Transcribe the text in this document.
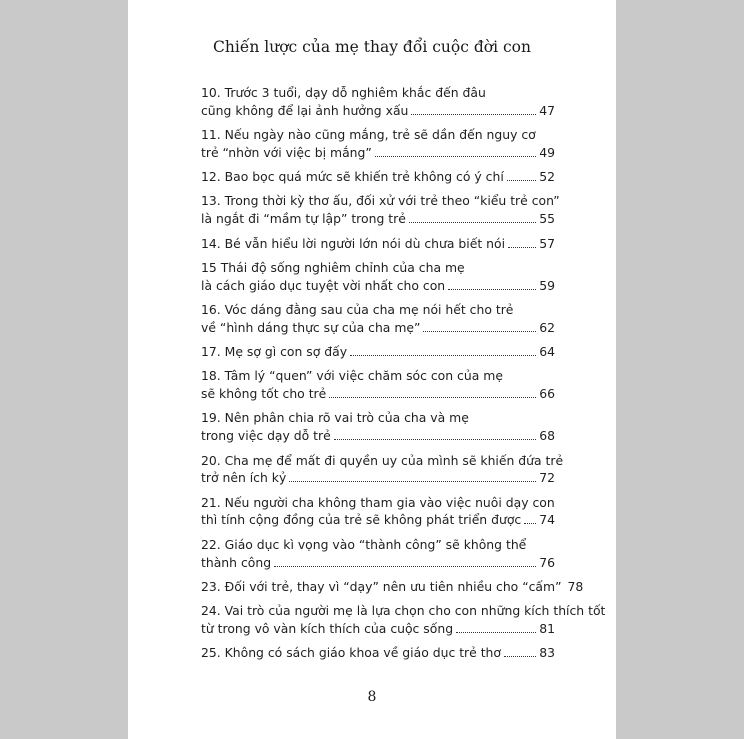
Chiến lược của mẹ thay đổi cuộc đời con
10. Trước 3 tuổi, dạy dỗ nghiêm khắc đến đâu
cũng không để lại ảnh hưởng xấu	47
11. Nếu ngày nào cũng mắng, trẻ sẽ dần đến nguy cơ
trẻ “nhờn với việc bị mắng”	49
12. Bao bọc quá mức sẽ khiến trẻ không có ý chí	52
13. Trong thời kỳ thơ ấu, đối xử với trẻ theo “kiểu trẻ con”
là ngắt đi “mầm tự lập” trong trẻ	55
14. Bé vẫn hiểu lời người lớn nói dù chưa biết nói	57
15 Thái độ sống nghiêm chỉnh của cha mẹ
là cách giáo dục tuyệt vời nhất cho con	59
16. Vóc dáng đằng sau của cha mẹ nói hết cho trẻ
về “hình dáng thực sự của cha mẹ”	62
17. Mẹ sợ gì con sợ đấy	64
18. Tâm lý “quen” với việc chăm sóc con của mẹ
sẽ không tốt cho trẻ	66
19. Nên phân chia rõ vai trò của cha và mẹ
trong việc dạy dỗ trẻ	68
20. Cha mẹ để mất đi quyền uy của mình sẽ khiến đứa trẻ
trở nên ích kỷ	72
21. Nếu người cha không tham gia vào việc nuôi dạy con
thì tính cộng đồng của trẻ sẽ không phát triển được 74
22. Giáo dục kì vọng vào “thành công” sẽ không thể
thành công	76
23. Đối với trẻ, thay vì “dạy” nên ưu tiên nhiều cho “cấm” 78
24. Vai trò của người mẹ là lựa chọn cho con những kích thích tốt
từ trong vô vàn kích thích của cuộc sống	81
25. Không có sách giáo khoa về giáo dục trẻ thơ	83
8
